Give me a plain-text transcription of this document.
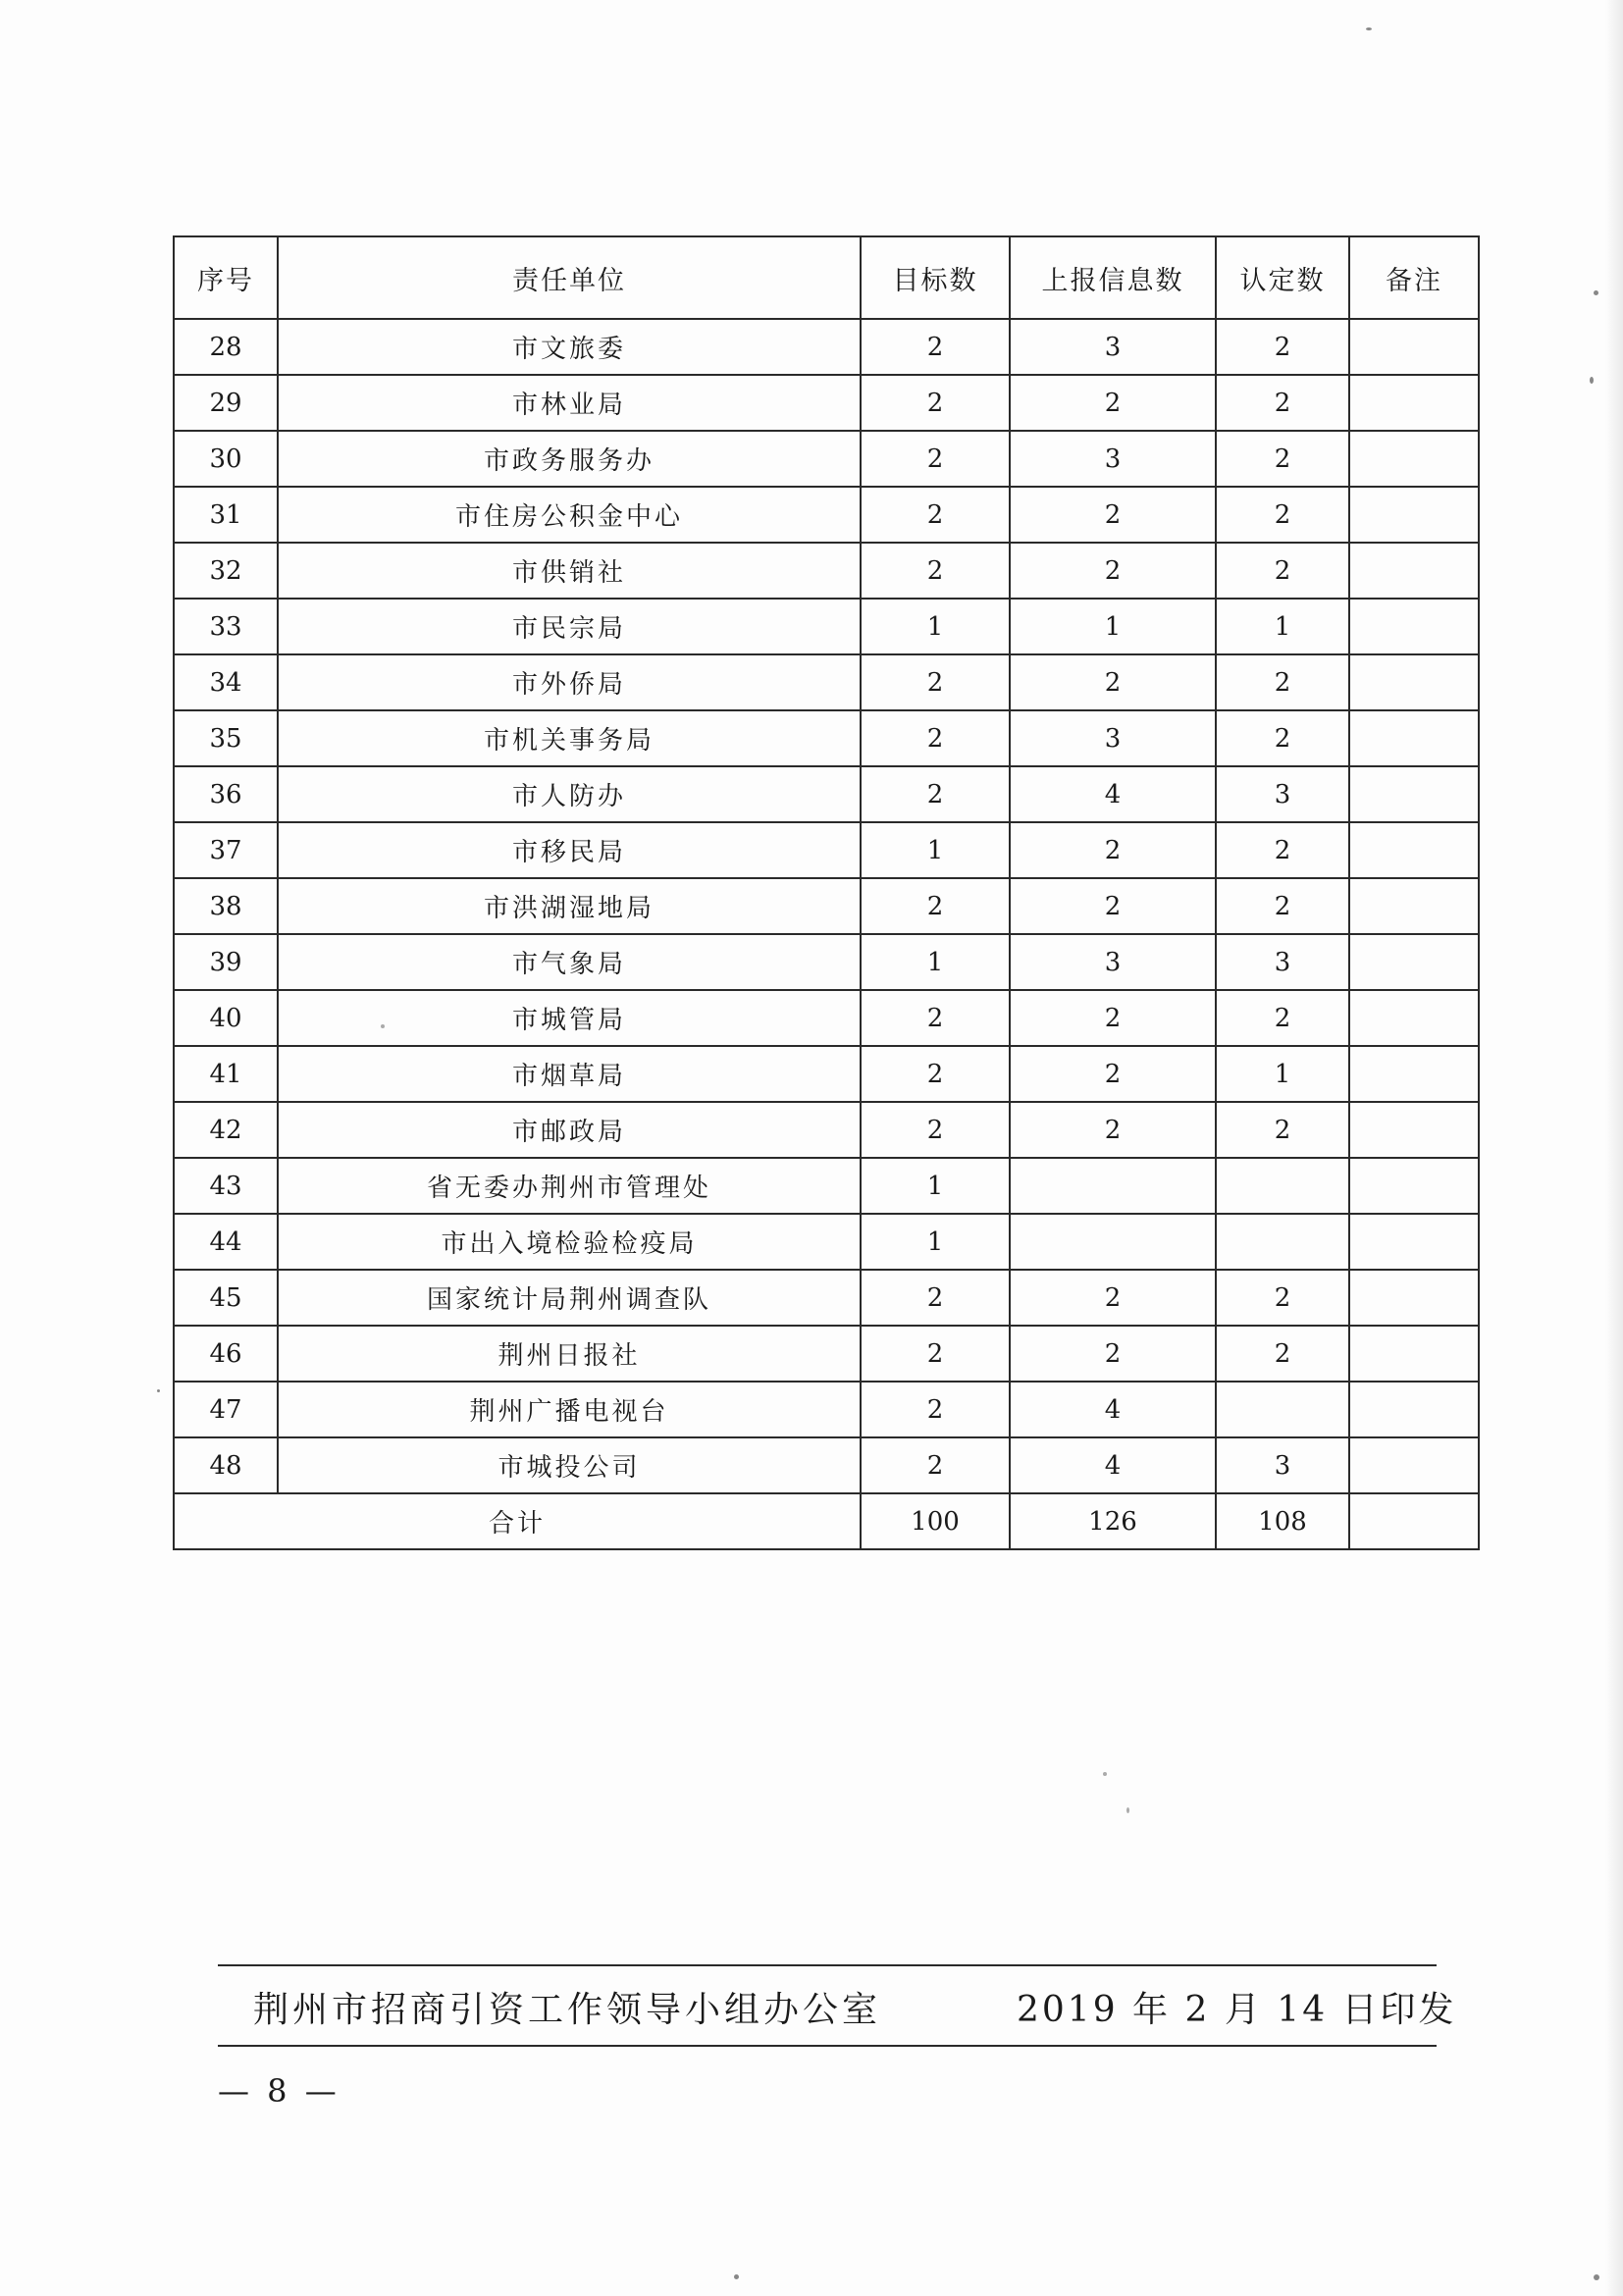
序号	责任单位	目标数	上报信息数	认定数	备注
28	市文旅委	2	3	2	
29	市林业局	2	2	2	
30	市政务服务办	2	3	2	
31	市住房公积金中心	2	2	2	
32	市供销社	2	2	2	
33	市民宗局	1	1	1	
34	市外侨局	2	2	2	
35	市机关事务局	2	3	2	
36	市人防办	2	4	3	
37	市移民局	1	2	2	
38	市洪湖湿地局	2	2	2	
39	市气象局	1	3	3	
40	市城管局	2	2	2	
41	市烟草局	2	2	1	
42	市邮政局	2	2	2	
43	省无委办荆州市管理处	1			
44	市出入境检验检疫局	1			
45	国家统计局荆州调查队	2	2	2	
46	荆州日报社	2	2	2	
47	荆州广播电视台	2	4		
48	市城投公司	2	4	3	
合计		100	126	108	
荆州市招商引资工作领导小组办公室	2019 年 2 月 14 日印发
— 8 —
